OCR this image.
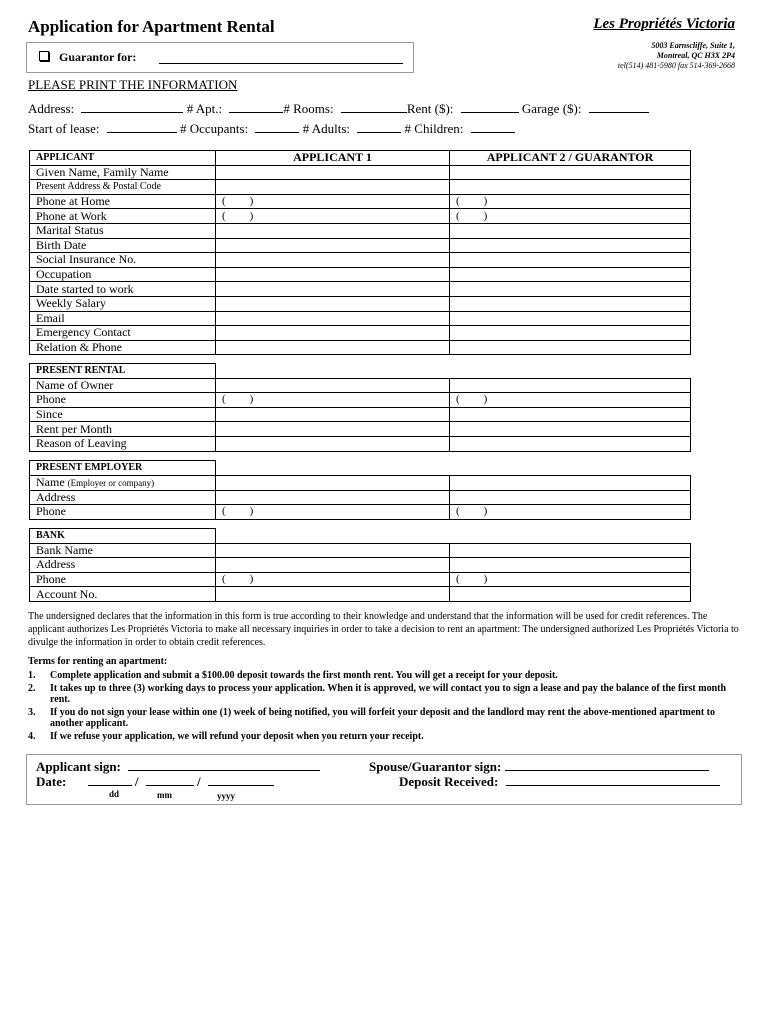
Application for Apartment Rental	Les Propriétés Victoria
5003 Earnscliffe, Suite 1,
Montreal, QC H3X 2P4
tel(514) 481-5980 fax 514-369-2668
Guarantor for:
PLEASE PRINT THE INFORMATION
Address:	# Apt.:	# Rooms:	Rent ($):	Garage ($):
Start of lease:	# Occupants:	# Adults:	# Children:
APPLICANT	APPLICANT 1	APPLICANT 2 / GUARANTOR
Given Name, Family Name		
Present Address & Postal Code		
Phone at Home	( )	( )
Phone at Work	( )	( )
Marital Status		
Birth Date		
Social Insurance No.		
Occupation		
Date started to work		
Weekly Salary		
Email		
Emergency Contact		
Relation & Phone		
PRESENT RENTAL		
Name of Owner		
Phone	( )	( )
Since		
Rent per Month		
Reason of Leaving		
PRESENT EMPLOYER		
Name (Employer or company)		
Address		
Phone	( )	( )
BANK		
Bank Name		
Address		
Phone	( )	( )
Account No.		
The undersigned declares that the information in this form is true according to their knowledge and understand that the information will be used for credit references. The applicant authorizes Les Propriétés Victoria to make all necessary inquiries in order to take a decision to rent an apartment: The undersigned authorized Les Propriétés Victoria to divulge the information in order to obtain credit references.
Terms for renting an apartment:
1.	Complete application and submit a $100.00 deposit towards the first month rent. You will get a receipt for your deposit.
2.	It takes up to three (3) working days to process your application. When it is approved, we will contact you to sign a lease and pay the balance of the first month rent.
3.	If you do not sign your lease within one (1) week of being notified, you will forfeit your deposit and the landlord may rent the above-mentioned apartment to another applicant.
4.	If we refuse your application, we will refund your deposit when you return your receipt.
Applicant sign:
Date:	/	/
Spouse/Guarantor sign:
Deposit Received:
dd	mm	yyyy
